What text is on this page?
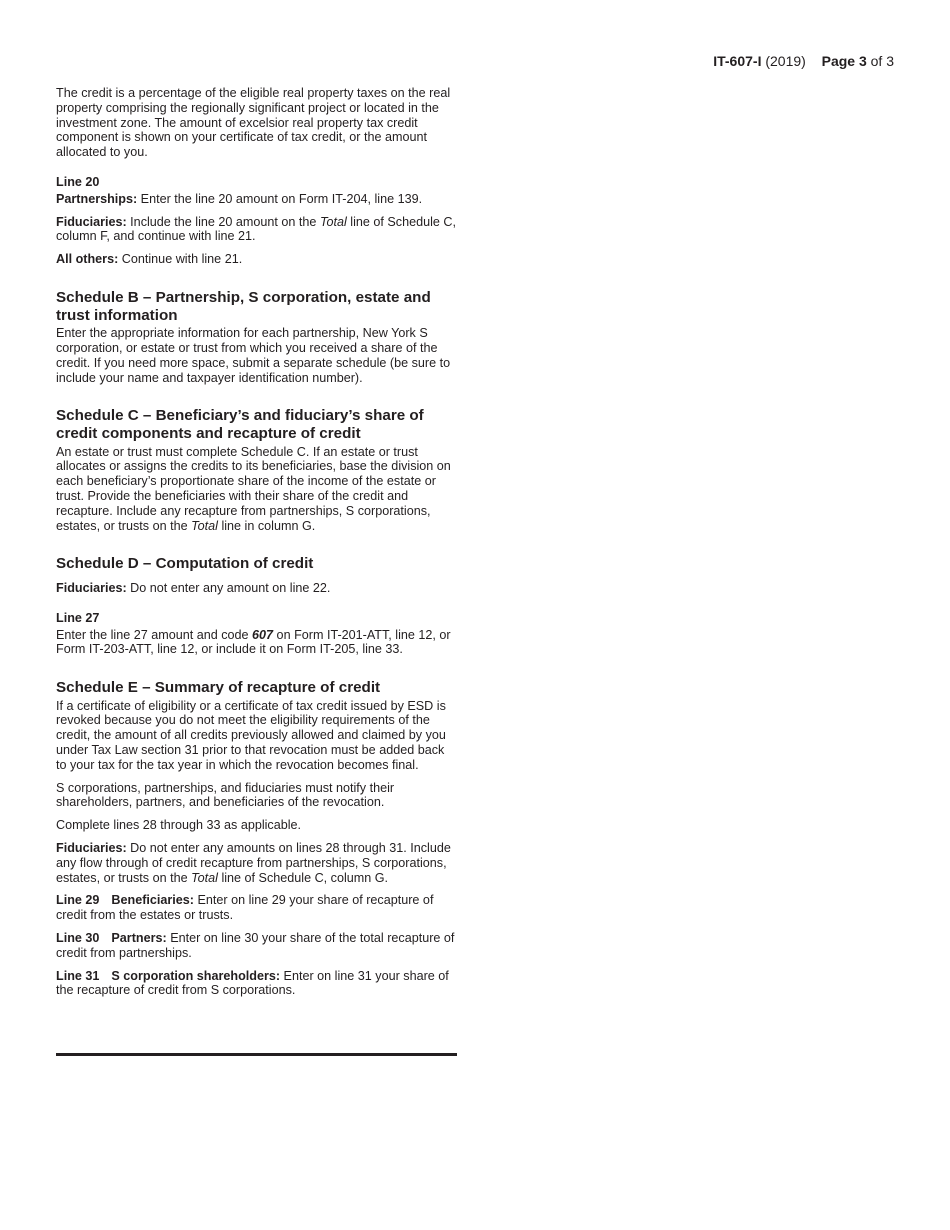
IT-607-I (2019) Page 3 of 3

The credit is a percentage of the eligible real property taxes on the real property comprising the regionally significant project or located in the investment zone. The amount of excelsior real property tax credit component is shown on your certificate of tax credit, or the amount allocated to you.

Line 20

Partnerships: Enter the line 20 amount on Form IT-204, line 139.

Fiduciaries: Include the line 20 amount on the Total line of Schedule C, column F, and continue with line 21.

All others: Continue with line 21.

Schedule B – Partnership, S corporation, estate and trust information

Enter the appropriate information for each partnership, New York S corporation, or estate or trust from which you received a share of the credit. If you need more space, submit a separate schedule (be sure to include your name and taxpayer identification number).

Schedule C – Beneficiary’s and fiduciary’s share of credit components and recapture of credit

An estate or trust must complete Schedule C. If an estate or trust allocates or assigns the credits to its beneficiaries, base the division on each beneficiary’s proportionate share of the income of the estate or trust. Provide the beneficiaries with their share of the credit and recapture. Include any recapture from partnerships, S corporations, estates, or trusts on the Total line in column G.

Schedule D – Computation of credit

Fiduciaries: Do not enter any amount on line 22.

Line 27

Enter the line 27 amount and code 607 on Form IT-201-ATT, line 12, or Form IT-203-ATT, line 12, or include it on Form IT-205, line 33.

Schedule E – Summary of recapture of credit

If a certificate of eligibility or a certificate of tax credit issued by ESD is revoked because you do not meet the eligibility requirements of the credit, the amount of all credits previously allowed and claimed by you under Tax Law section 31 prior to that revocation must be added back to your tax for the tax year in which the revocation becomes final.

S corporations, partnerships, and fiduciaries must notify their shareholders, partners, and beneficiaries of the revocation.

Complete lines 28 through 33 as applicable.

Fiduciaries: Do not enter any amounts on lines 28 through 31. Include any flow through of credit recapture from partnerships, S corporations, estates, or trusts on the Total line of Schedule C, column G.

Line 29 Beneficiaries: Enter on line 29 your share of recapture of credit from the estates or trusts.

Line 30 Partners: Enter on line 30 your share of the total recapture of credit from partnerships.

Line 31 S corporation shareholders: Enter on line 31 your share of the recapture of credit from S corporations.
